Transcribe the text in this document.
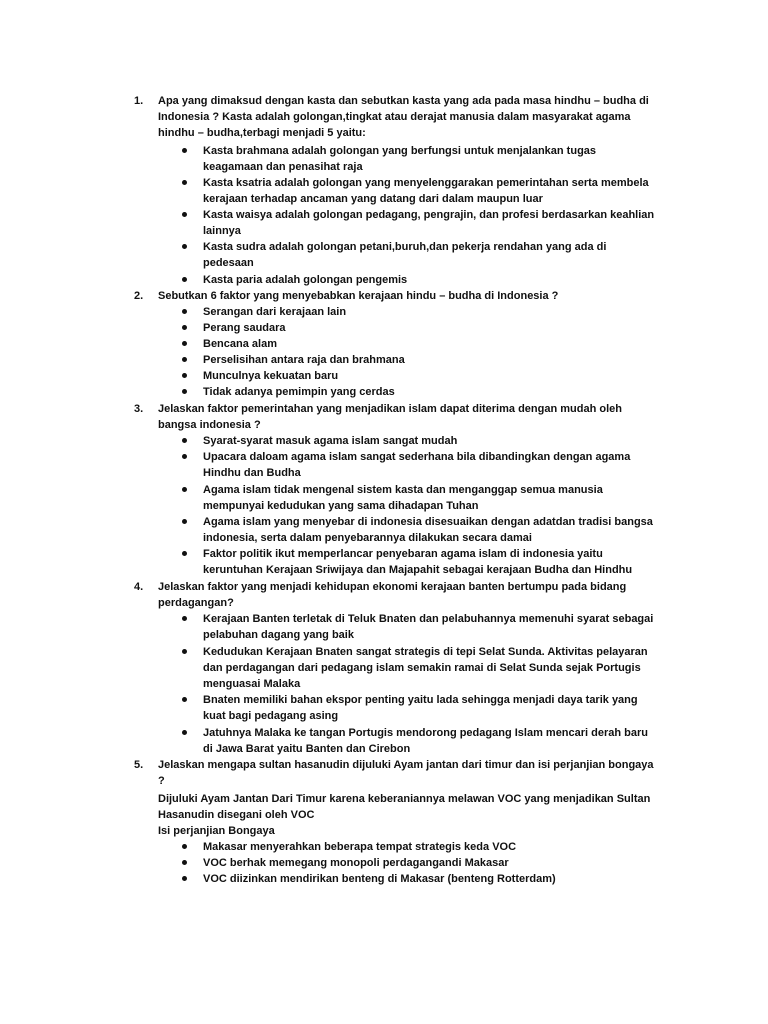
1. Apa yang dimaksud dengan kasta dan sebutkan kasta yang ada pada masa hindhu – budha di Indonesia ? Kasta adalah golongan,tingkat atau derajat manusia dalam masyarakat agama hindhu – budha,terbagi menjadi 5 yaitu:
Kasta brahmana adalah golongan yang berfungsi untuk menjalankan tugas keagamaan dan penasihat raja
Kasta ksatria adalah golongan yang menyelenggarakan pemerintahan serta membela kerajaan terhadap ancaman yang datang dari dalam maupun luar
Kasta waisya adalah golongan pedagang, pengrajin, dan profesi berdasarkan keahlian lainnya
Kasta sudra adalah golongan petani,buruh,dan pekerja rendahan yang ada di pedesaan
Kasta paria adalah golongan pengemis
2. Sebutkan 6 faktor yang menyebabkan kerajaan hindu – budha di Indonesia ?
Serangan dari kerajaan lain
Perang saudara
Bencana alam
Perselisihan antara raja dan brahmana
Munculnya kekuatan baru
Tidak adanya pemimpin yang cerdas
3. Jelaskan faktor pemerintahan yang menjadikan islam dapat diterima dengan mudah oleh bangsa indonesia ?
Syarat-syarat masuk agama islam sangat mudah
Upacara daloam agama islam sangat sederhana bila dibandingkan dengan agama Hindhu dan Budha
Agama islam tidak mengenal sistem kasta dan menganggap semua manusia mempunyai kedudukan yang sama dihadapan Tuhan
Agama islam yang menyebar di indonesia disesuaikan dengan adatdan tradisi bangsa indonesia, serta dalam penyebarannya dilakukan secara damai
Faktor politik ikut memperlancar penyebaran agama islam di indonesia yaitu keruntuhan Kerajaan Sriwijaya dan Majapahit sebagai kerajaan Budha dan Hindhu
4. Jelaskan faktor yang menjadi kehidupan ekonomi kerajaan banten bertumpu pada bidang perdagangan?
Kerajaan Banten terletak di Teluk Bnaten dan pelabuhannya memenuhi syarat sebagai pelabuhan dagang yang baik
Kedudukan Kerajaan Bnaten sangat strategis di tepi Selat Sunda. Aktivitas pelayaran dan perdagangan dari pedagang islam semakin ramai di Selat Sunda sejak Portugis menguasai Malaka
Bnaten memiliki bahan ekspor penting yaitu lada sehingga menjadi daya tarik yang kuat bagi pedagang asing
Jatuhnya Malaka ke tangan Portugis mendorong pedagang Islam mencari derah baru di Jawa Barat yaitu Banten dan Cirebon
5. Jelaskan mengapa sultan hasanudin dijuluki Ayam jantan dari timur dan isi perjanjian bongaya ?
Dijuluki Ayam Jantan Dari Timur karena keberaniannya melawan VOC yang menjadikan Sultan Hasanudin disegani oleh VOC
Isi perjanjian Bongaya
Makasar menyerahkan beberapa tempat strategis keda VOC
VOC berhak memegang monopoli perdagangandi Makasar
VOC diizinkan mendirikan benteng di Makasar (benteng Rotterdam)
